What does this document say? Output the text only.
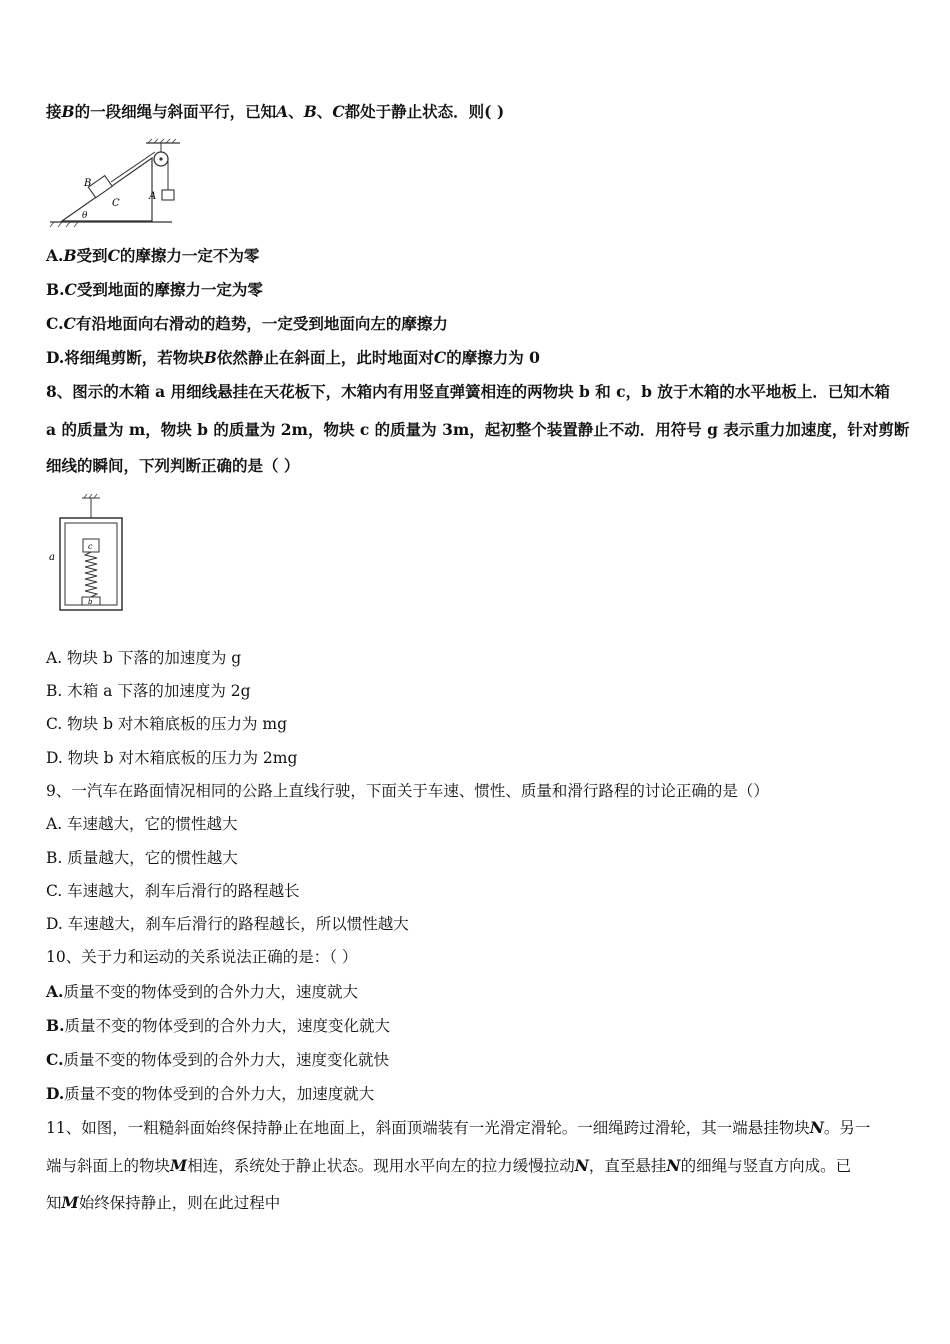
接B的一段细绳与斜面平行，已知A、B、C都处于静止状态．则( )
B
C
A
θ
A.B受到C的摩擦力一定不为零
B.C受到地面的摩擦力一定为零
C.C有沿地面向右滑动的趋势，一定受到地面向左的摩擦力
D.将细绳剪断，若物块B依然静止在斜面上，此时地面对C的摩擦力为 0
8、图示的木箱 a 用细线悬挂在天花板下，木箱内有用竖直弹簧相连的两物块 b 和 c，b 放于木箱的水平地板上．已知木箱
a 的质量为 m，物块 b 的质量为 2m，物块 c 的质量为 3m，起初整个装置静止不动．用符号 g 表示重力加速度，针对剪断
细线的瞬间，下列判断正确的是（ ）
a
c
b
A. 物块 b 下落的加速度为 g
B. 木箱 a 下落的加速度为 2g
C. 物块 b 对木箱底板的压力为 mg
D. 物块 b 对木箱底板的压力为 2mg
9、一汽车在路面情况相同的公路上直线行驶，下面关于车速、惯性、质量和滑行路程的讨论正确的是（）
A. 车速越大，它的惯性越大
B. 质量越大，它的惯性越大
C. 车速越大，刹车后滑行的路程越长
D. 车速越大，刹车后滑行的路程越长，所以惯性越大
10、关于力和运动的关系说法正确的是：（ ）
A.质量不变的物体受到的合外力大，速度就大
B.质量不变的物体受到的合外力大，速度变化就大
C.质量不变的物体受到的合外力大，速度变化就快
D.质量不变的物体受到的合外力大，加速度就大
11、如图，一粗糙斜面始终保持静止在地面上，斜面顶端装有一光滑定滑轮。一细绳跨过滑轮，其一端悬挂物块N。另一
端与斜面上的物块M相连，系统处于静止状态。现用水平向左的拉力缓慢拉动N，直至悬挂N的细绳与竖直方向成。已
知M始终保持静止，则在此过程中
